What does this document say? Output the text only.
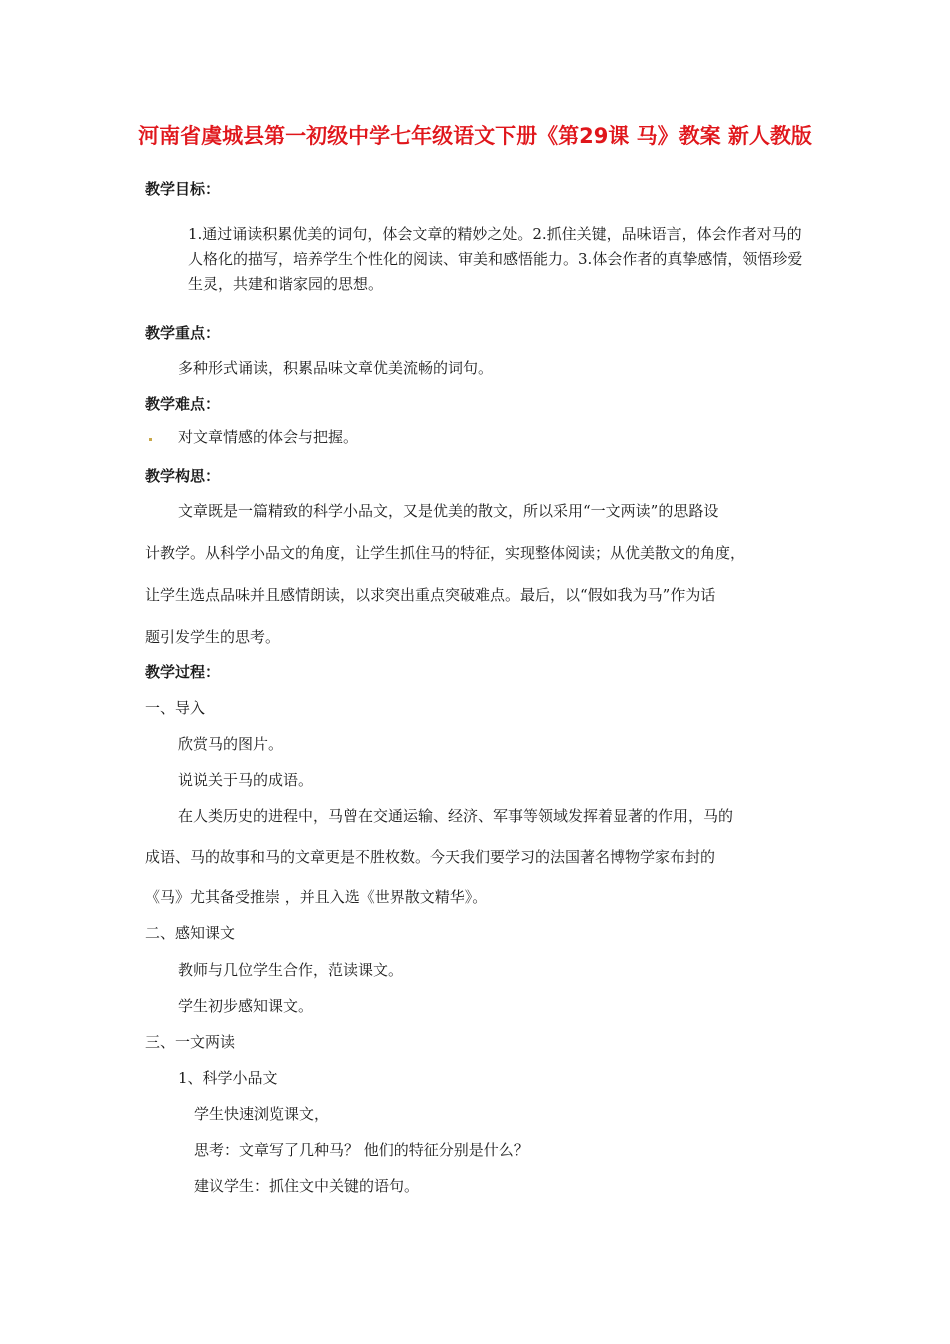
河南省虞城县第一初级中学七年级语文下册《第29课 马》教案 新人教版
教学目标：
1.通过诵读积累优美的词句，体会文章的精妙之处。2.抓住关键，品味语言，体会作者对马的人格化的描写，培养学生个性化的阅读、审美和感悟能力。3.体会作者的真挚感情，领悟珍爱生灵，共建和谐家园的思想。
教学重点：
多种形式诵读，积累品味文章优美流畅的词句。
教学难点：
对文章情感的体会与把握。
教学构思：
文章既是一篇精致的科学小品文，又是优美的散文，所以采用“一文两读”的思路设
计教学。从科学小品文的角度，让学生抓住马的特征，实现整体阅读；从优美散文的角度，
让学生选点品味并且感情朗读，以求突出重点突破难点。最后，以“假如我为马”作为话
题引发学生的思考。
教学过程：
一、导入
欣赏马的图片。
说说关于马的成语。
在人类历史的进程中，马曾在交通运输、经济、军事等领域发挥着显著的作用，马的
成语、马的故事和马的文章更是不胜枚数。今天我们要学习的法国著名博物学家布封的
《马》尤其备受推崇 ，并且入选《世界散文精华》。
二、感知课文
教师与几位学生合作，范读课文。
学生初步感知课文。
三、一文两读
1、科学小品文
学生快速浏览课文，
思考：文章写了几种马？ 他们的特征分别是什么？
建议学生：抓住文中关键的语句。
